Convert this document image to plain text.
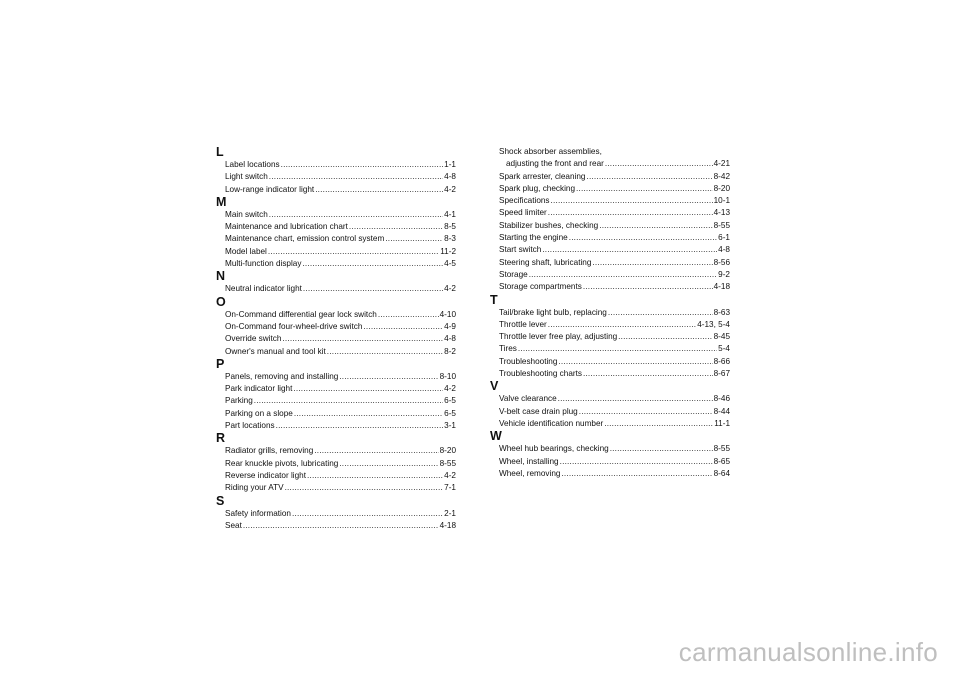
L
Label locations .....	1-1
Light switch .....	4-8
Low-range indicator light .....	4-2
M
Main switch .....	4-1
Maintenance and lubrication chart .....	8-5
Maintenance chart, emission control system .....	8-3
Model label .....	11-2
Multi-function display .....	4-5
N
Neutral indicator light .....	4-2
O
On-Command differential gear lock switch .....	4-10
On-Command four-wheel-drive switch .....	4-9
Override switch .....	4-8
Owner's manual and tool kit .....	8-2
P
Panels, removing and installing .....	8-10
Park indicator light .....	4-2
Parking .....	6-5
Parking on a slope .....	6-5
Part locations .....	3-1
R
Radiator grills, removing .....	8-20
Rear knuckle pivots, lubricating .....	8-55
Reverse indicator light .....	4-2
Riding your ATV .....	7-1
S
Safety information .....	2-1
Seat .....	4-18
Shock absorber assemblies,
adjusting the front and rear .....	4-21
Spark arrester, cleaning .....	8-42
Spark plug, checking .....	8-20
Specifications .....	10-1
Speed limiter .....	4-13
Stabilizer bushes, checking .....	8-55
Starting the engine .....	6-1
Start switch .....	4-8
Steering shaft, lubricating .....	8-56
Storage .....	9-2
Storage compartments .....	4-18
T
Tail/brake light bulb, replacing .....	8-63
Throttle lever .....	4-13, 5-4
Throttle lever free play, adjusting .....	8-45
Tires .....	5-4
Troubleshooting .....	8-66
Troubleshooting charts .....	8-67
V
Valve clearance .....	8-46
V-belt case drain plug .....	8-44
Vehicle identification number .....	11-1
W
Wheel hub bearings, checking .....	8-55
Wheel, installing .....	8-65
Wheel, removing .....	8-64
carmanualsonline.info
